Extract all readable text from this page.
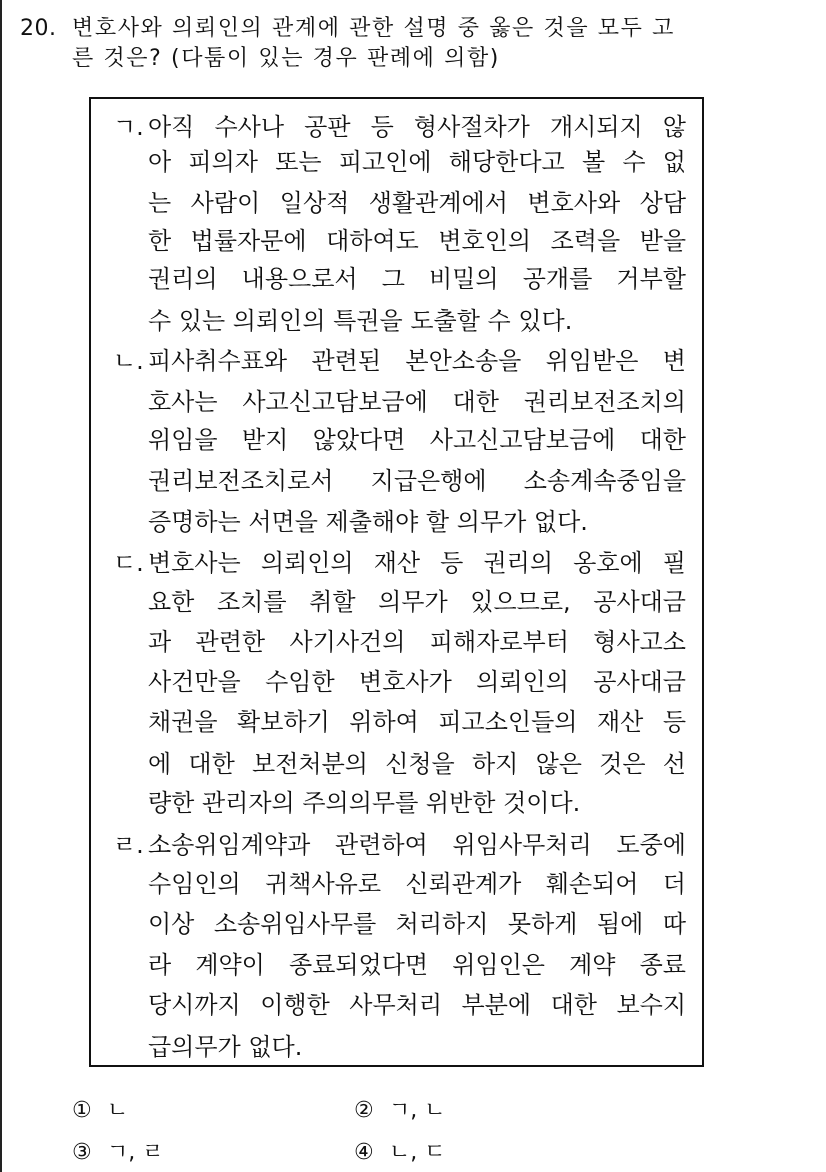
20. 변호사와 의뢰인의 관계에 관한 설명 중 옳은 것을 모두 고
른 것은? (다툼이 있는 경우 판례에 의함)
ㄱ. 아직 수사나 공판 등 형사절차가 개시되지 않
아 피의자 또는 피고인에 해당한다고 볼 수 없
는 사람이 일상적 생활관계에서 변호사와 상담
한 법률자문에 대하여도 변호인의 조력을 받을
권리의 내용으로서 그 비밀의 공개를 거부할
수 있는 의뢰인의 특권을 도출할 수 있다.
ㄴ. 피사취수표와 관련된 본안소송을 위임받은 변
호사는 사고신고담보금에 대한 권리보전조치의
위임을 받지 않았다면 사고신고담보금에 대한
권리보전조치로서 지급은행에 소송계속중임을
증명하는 서면을 제출해야 할 의무가 없다.
ㄷ. 변호사는 의뢰인의 재산 등 권리의 옹호에 필
요한 조치를 취할 의무가 있으므로, 공사대금
과 관련한 사기사건의 피해자로부터 형사고소
사건만을 수임한 변호사가 의뢰인의 공사대금
채권을 확보하기 위하여 피고소인들의 재산 등
에 대한 보전처분의 신청을 하지 않은 것은 선
량한 관리자의 주의의무를 위반한 것이다.
ㄹ. 소송위임계약과 관련하여 위임사무처리 도중에
수임인의 귀책사유로 신뢰관계가 훼손되어 더
이상 소송위임사무를 처리하지 못하게 됨에 따
라 계약이 종료되었다면 위임인은 계약 종료
당시까지 이행한 사무처리 부분에 대한 보수지
급의무가 없다.
① ㄴ	② ㄱ, ㄴ
③ ㄱ, ㄹ	④ ㄴ, ㄷ
